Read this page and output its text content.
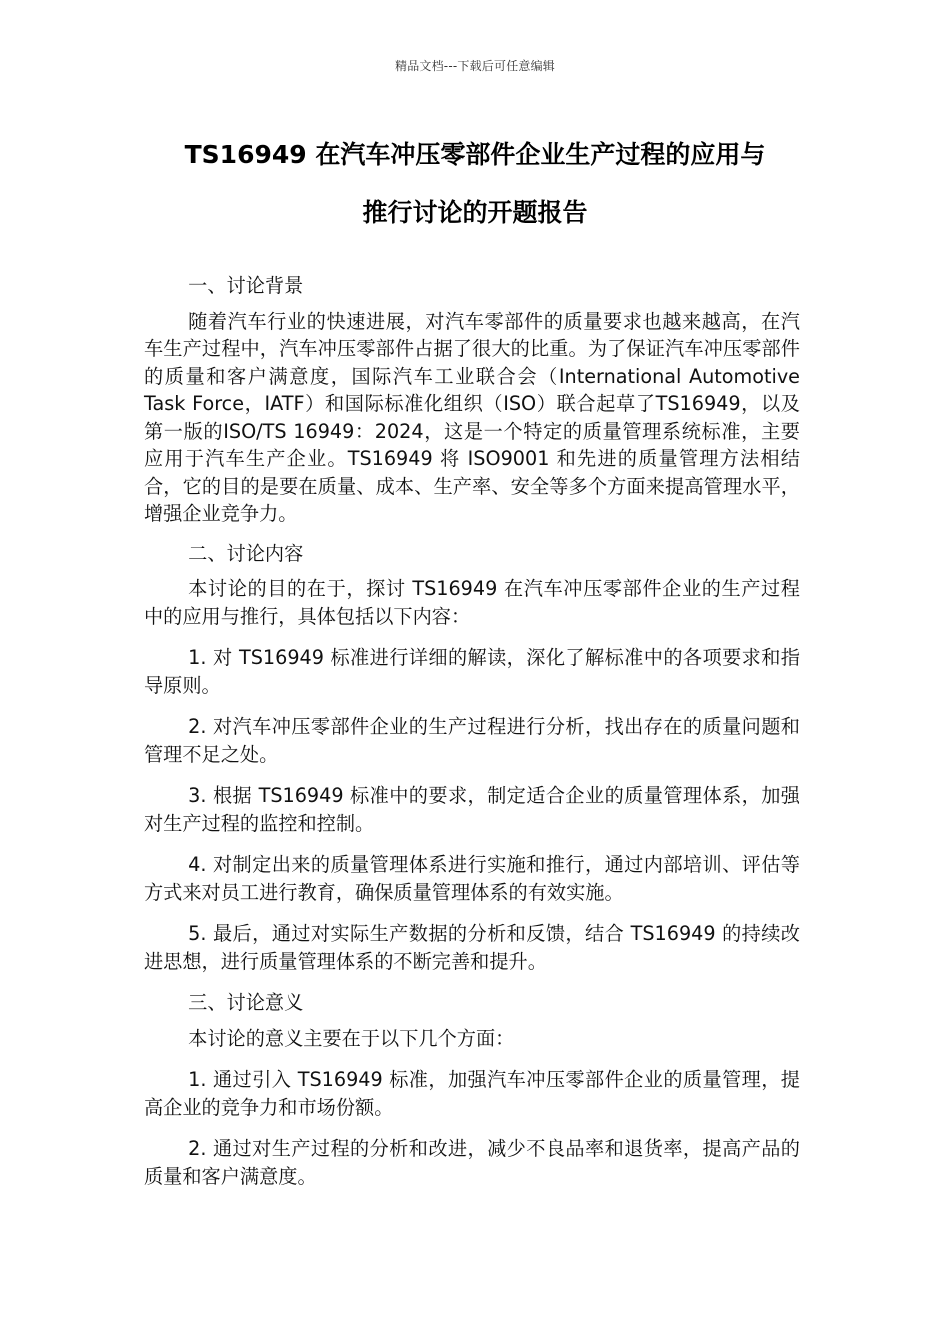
精品文档---下载后可任意编辑
TS16949 在汽车冲压零部件企业生产过程的应用与
推行讨论的开题报告

一、讨论背景

随着汽车行业的快速进展，对汽车零部件的质量要求也越来越高，在汽车生产过程中，汽车冲压零部件占据了很大的比重。为了保证汽车冲压零部件的质量和客户满意度，国际汽车工业联合会（International Automotive Task Force，IATF）和国际标准化组织（ISO）联合起草了TS16949，以及第一版的ISO/TS 16949：2024，这是一个特定的质量管理系统标准，主要应用于汽车生产企业。TS16949 将 ISO9001 和先进的质量管理方法相结合，它的目的是要在质量、成本、生产率、安全等多个方面来提高管理水平，增强企业竞争力。

二、讨论内容

本讨论的目的在于，探讨 TS16949 在汽车冲压零部件企业的生产过程中的应用与推行，具体包括以下内容：

1. 对 TS16949 标准进行详细的解读，深化了解标准中的各项要求和指导原则。

2. 对汽车冲压零部件企业的生产过程进行分析，找出存在的质量问题和管理不足之处。

3. 根据 TS16949 标准中的要求，制定适合企业的质量管理体系，加强对生产过程的监控和控制。

4. 对制定出来的质量管理体系进行实施和推行，通过内部培训、评估等方式来对员工进行教育，确保质量管理体系的有效实施。

5. 最后，通过对实际生产数据的分析和反馈，结合 TS16949 的持续改进思想，进行质量管理体系的不断完善和提升。

三、讨论意义

本讨论的意义主要在于以下几个方面：

1. 通过引入 TS16949 标准，加强汽车冲压零部件企业的质量管理，提高企业的竞争力和市场份额。

2. 通过对生产过程的分析和改进，减少不良品率和退货率，提高产品的质量和客户满意度。
